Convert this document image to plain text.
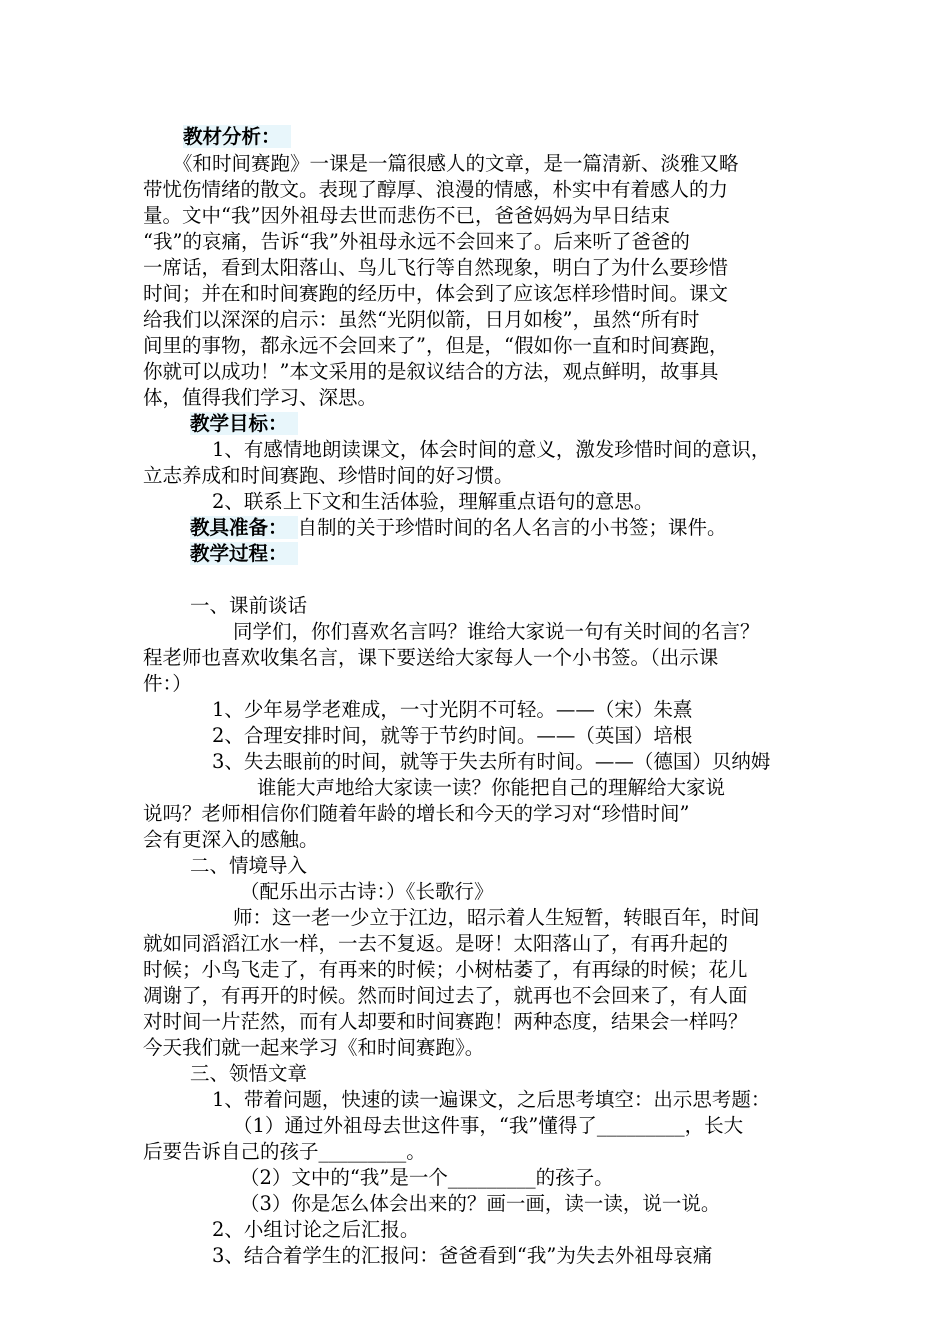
教材分析：
《和时间赛跑》一课是一篇很感人的文章，是一篇清新、淡雅又略
带忧伤情绪的散文。表现了醇厚、浪漫的情感，朴实中有着感人的力
量。文中“我”因外祖母去世而悲伤不已，爸爸妈妈为早日结束
“我”的哀痛，告诉“我”外祖母永远不会回来了。后来听了爸爸的
一席话，看到太阳落山、鸟儿飞行等自然现象，明白了为什么要珍惜
时间；并在和时间赛跑的经历中，体会到了应该怎样珍惜时间。课文
给我们以深深的启示：虽然“光阴似箭，日月如梭”，虽然“所有时
间里的事物，都永远不会回来了”，但是，“假如你一直和时间赛跑，
你就可以成功！”本文采用的是叙议结合的方法，观点鲜明，故事具
体，值得我们学习、深思。
教学目标：
1、有感情地朗读课文，体会时间的意义，激发珍惜时间的意识，
立志养成和时间赛跑、珍惜时间的好习惯。
2、联系上下文和生活体验，理解重点语句的意思。
教具准备： 自制的关于珍惜时间的名人名言的小书签；课件。
教学过程：
一、课前谈话
同学们，你们喜欢名言吗？谁给大家说一句有关时间的名言？
程老师也喜欢收集名言，课下要送给大家每人一个小书签。（出示课
件：）
1、少年易学老难成，一寸光阴不可轻。——（宋）朱熹
2、合理安排时间，就等于节约时间。——（英国）培根
3、失去眼前的时间，就等于失去所有时间。——（德国）贝纳姆
谁能大声地给大家读一读？你能把自己的理解给大家说
说吗？老师相信你们随着年龄的增长和今天的学习对“珍惜时间”
会有更深入的感触。
二、情境导入
（配乐出示古诗：）《长歌行》
师：这一老一少立于江边，昭示着人生短暂，转眼百年，时间
就如同滔滔江水一样，一去不复返。是呀！太阳落山了，有再升起的
时候；小鸟飞走了，有再来的时候；小树枯萎了，有再绿的时候；花儿
凋谢了，有再开的时候。然而时间过去了，就再也不会回来了，有人面
对时间一片茫然，而有人却要和时间赛跑！两种态度，结果会一样吗？
今天我们就一起来学习《和时间赛跑》。
三、领悟文章
1、带着问题，快速的读一遍课文，之后思考填空：出示思考题：
（1）通过外祖母去世这件事，“我”懂得了_________，长大
后要告诉自己的孩子_________。
（2）文中的“我”是一个_________的孩子。
（3）你是怎么体会出来的？画一画，读一读，说一说。
2、小组讨论之后汇报。
3、结合着学生的汇报问：爸爸看到“我”为失去外祖母哀痛
